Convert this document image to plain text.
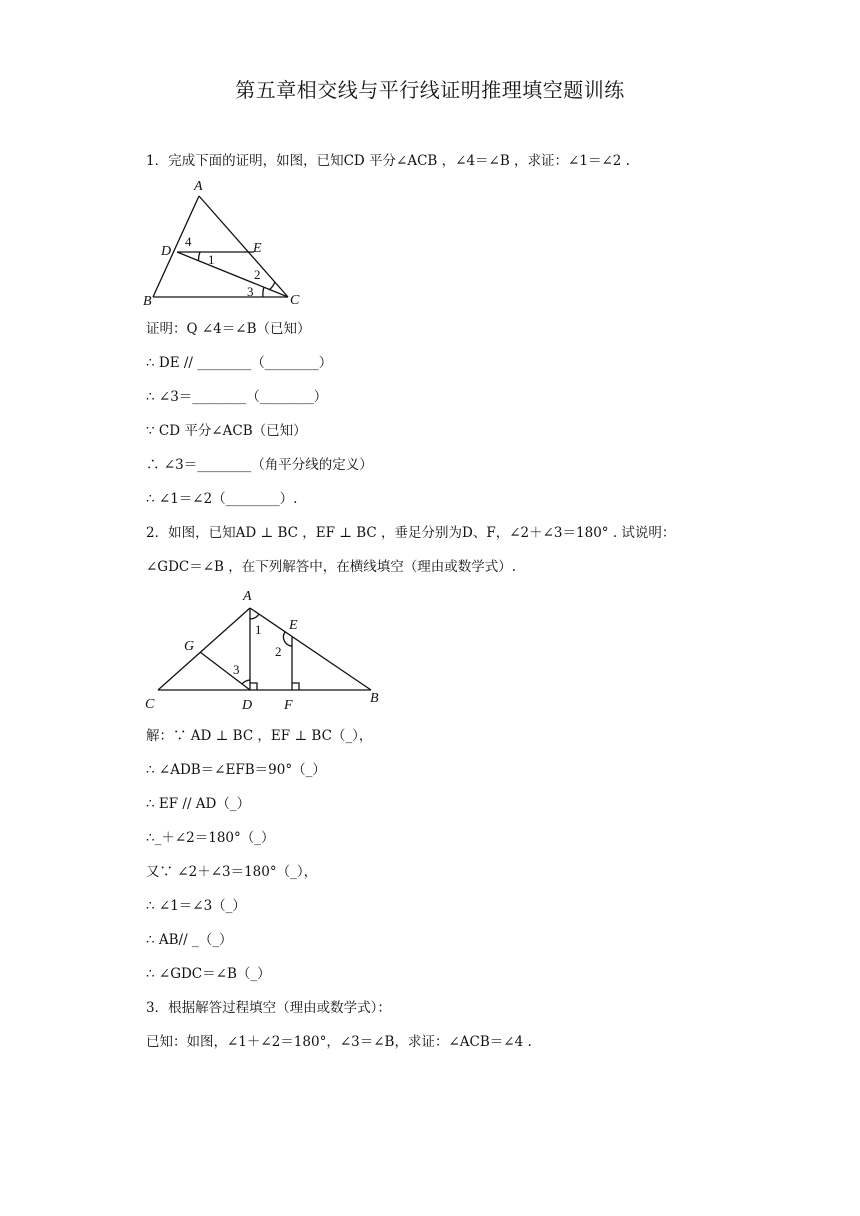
第五章相交线与平行线证明推理填空题训练
1．完成下面的证明，如图，已知CD 平分∠ACB ，∠4＝∠B ，求证：∠1＝∠2 .
A
D	E
B	C
4
1
2
3
证明：Q ∠4＝∠B（已知）
∴ DE // ________（________）
∴ ∠3＝________（________）
∵ CD 平分∠ACB（已知）
∴ ∠3＝________（角平分线的定义）
∴ ∠1＝∠2（________）.
2．如图，已知AD ⊥ BC ，EF ⊥ BC ，垂足分别为D、F，∠2＋∠3＝180° . 试说明：
∠GDC＝∠B ，在下列解答中，在横线填空（理由或数学式）.
A
E
G
C	D F	B
1
2
3
解：∵ AD ⊥ BC ，EF ⊥ BC（_），
∴ ∠ADB＝∠EFB＝90°（_）
∴ EF // AD（_）
∴_＋∠2＝180°（_）
又∵ ∠2＋∠3＝180°（_），
∴ ∠1＝∠3（_）
∴ AB// _（_）
∴ ∠GDC＝∠B（_）
3．根据解答过程填空（理由或数学式）：
已知：如图，∠1＋∠2＝180°，∠3＝∠B，求证：∠ACB＝∠4 .
